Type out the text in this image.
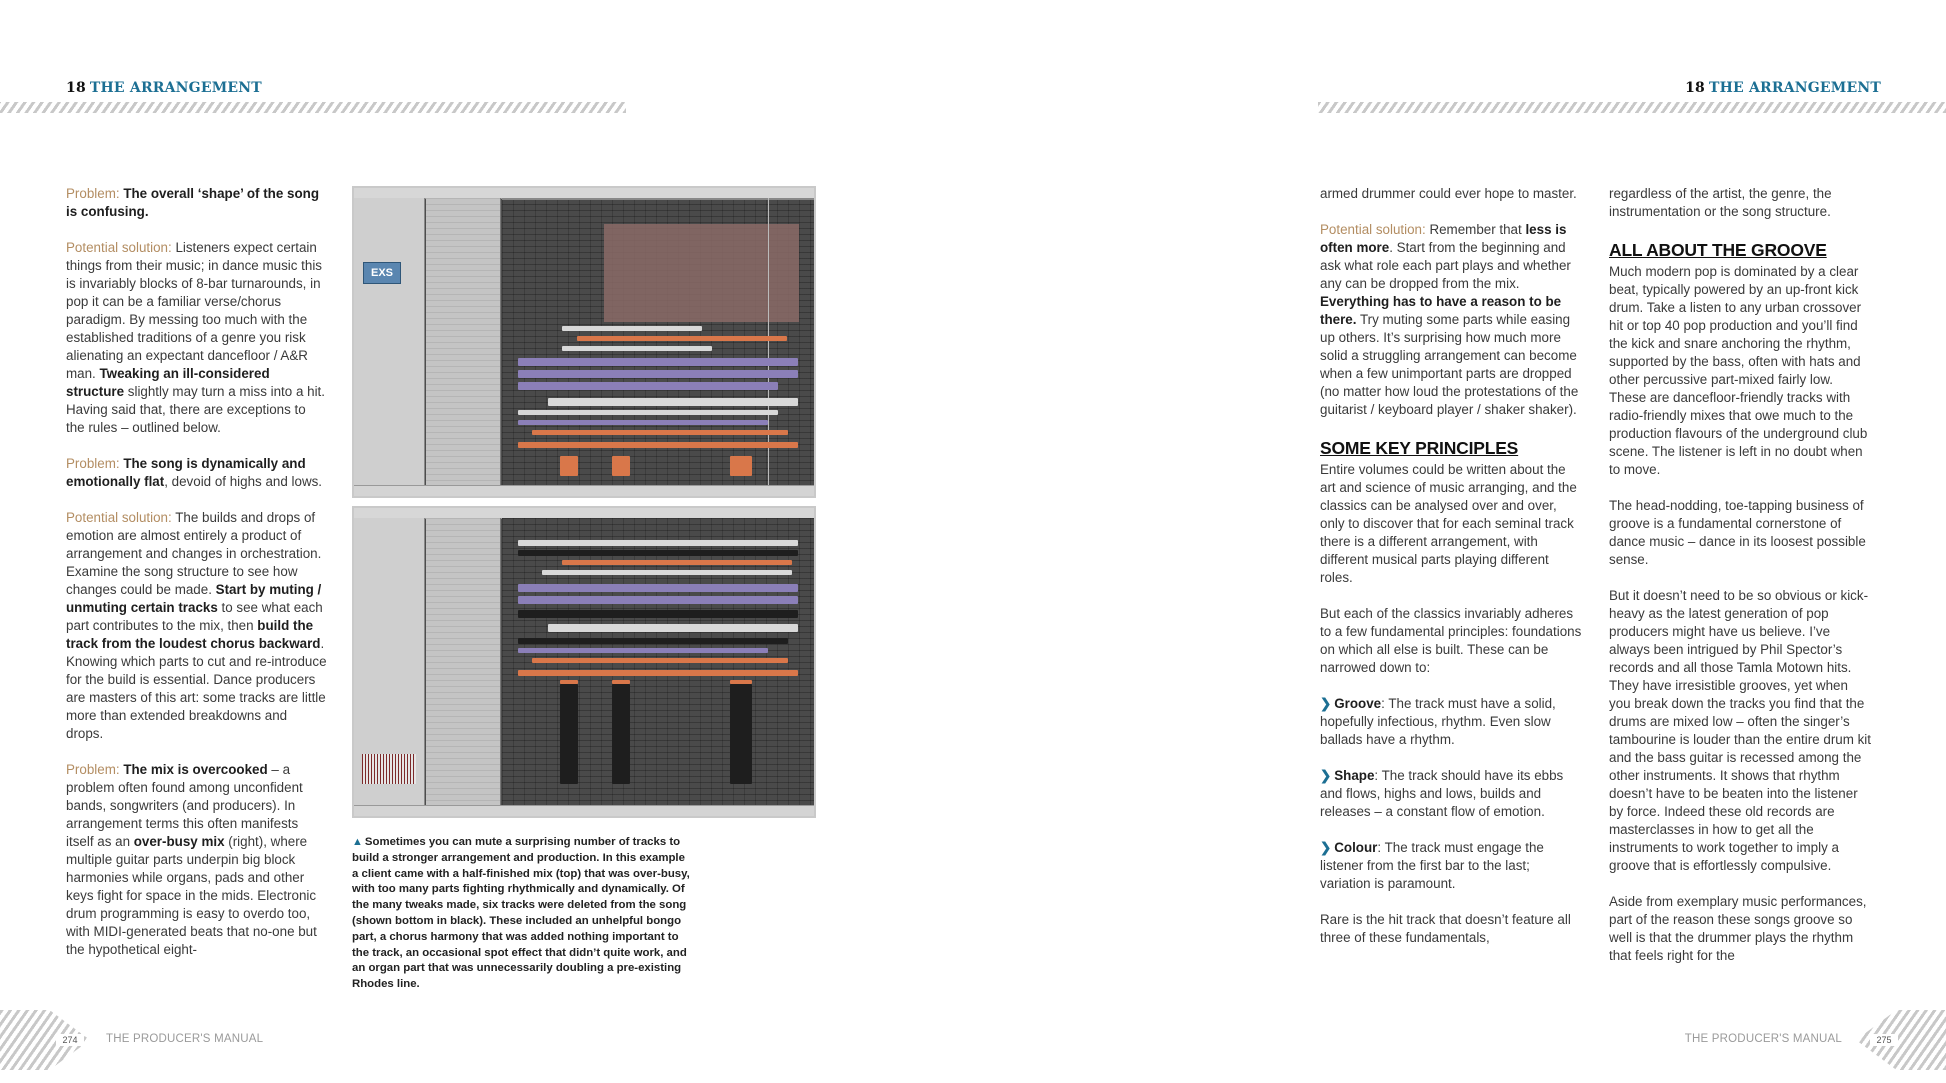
18 THE ARRANGEMENT	18 THE ARRANGEMENT

Problem: The overall ‘shape’ of the song is confusing.

Potential solution: Listeners expect certain things from their music; in dance music this is invariably blocks of 8-bar turnarounds, in pop it can be a familiar verse/chorus paradigm. By messing too much with the established traditions of a genre you risk alienating an expectant dancefloor / A&R man. Tweaking an ill-considered structure slightly may turn a miss into a hit. Having said that, there are exceptions to the rules – outlined below.

Problem: The song is dynamically and emotionally flat, devoid of highs and lows.

Potential solution: The builds and drops of emotion are almost entirely a product of arrangement and changes in orchestration. Examine the song structure to see how changes could be made. Start by muting / unmuting certain tracks to see what each part contributes to the mix, then build the track from the loudest chorus backward. Knowing which parts to cut and re-introduce for the build is essential. Dance producers are masters of this art: some tracks are little more than extended breakdowns and drops.

Problem: The mix is overcooked – a problem often found among unconfident bands, songwriters (and producers). In arrangement terms this often manifests itself as an over-busy mix (right), where multiple guitar parts underpin big block harmonies while organs, pads and other keys fight for space in the mids. Electronic drum programming is easy to overdo too, with MIDI-generated beats that no-one but the hypothetical eight-

EXS
▲ Sometimes you can mute a surprising number of tracks to build a stronger arrangement and production. In this example a client came with a half-finished mix (top) that was over-busy, with too many parts fighting rhythmically and dynamically. Of the many tweaks made, six tracks were deleted from the song (shown bottom in black). These included an unhelpful bongo part, a chorus harmony that was added nothing important to the track, an occasional spot effect that didn’t quite work, and an organ part that was unnecessarily doubling a pre-existing Rhodes line.

armed drummer could ever hope to master.

Potential solution: Remember that less is often more. Start from the beginning and ask what role each part plays and whether any can be dropped from the mix. Everything has to have a reason to be there. Try muting some parts while easing up others. It’s surprising how much more solid a struggling arrangement can become when a few unimportant parts are dropped (no matter how loud the protestations of the guitarist / keyboard player / shaker shaker).

SOME KEY PRINCIPLES

Entire volumes could be written about the art and science of music arranging, and the classics can be analysed over and over, only to discover that for each seminal track there is a different arrangement, with different musical parts playing different roles.

But each of the classics invariably adheres to a few fundamental principles: foundations on which all else is built. These can be narrowed down to:

❯ Groove: The track must have a solid, hopefully infectious, rhythm. Even slow ballads have a rhythm.

❯ Shape: The track should have its ebbs and flows, highs and lows, builds and releases – a constant flow of emotion.

❯ Colour: The track must engage the listener from the first bar to the last; variation is paramount.

Rare is the hit track that doesn’t feature all three of these fundamentals,

regardless of the artist, the genre, the instrumentation or the song structure.

ALL ABOUT THE GROOVE

Much modern pop is dominated by a clear beat, typically powered by an up-front kick drum. Take a listen to any urban crossover hit or top 40 pop production and you’ll find the kick and snare anchoring the rhythm, supported by the bass, often with hats and other percussive part-mixed fairly low. These are dancefloor-friendly tracks with radio-friendly mixes that owe much to the production flavours of the underground club scene. The listener is left in no doubt when to move.

The head-nodding, toe-tapping business of groove is a fundamental cornerstone of dance music – dance in its loosest possible sense.

But it doesn’t need to be so obvious or kick-heavy as the latest generation of pop producers might have us believe. I’ve always been intrigued by Phil Spector’s records and all those Tamla Motown hits. They have irresistible grooves, yet when you break down the tracks you find that the drums are mixed low – often the singer’s tambourine is louder than the entire drum kit and the bass guitar is recessed among the other instruments. It shows that rhythm doesn’t have to be beaten into the listener by force. Indeed these old records are masterclasses in how to get all the instruments to work together to imply a groove that is effortlessly compulsive.

Aside from exemplary music performances, part of the reason these songs groove so well is that the drummer plays the rhythm that feels right for the

274	THE PRODUCER'S MANUAL	275
THE PRODUCER'S MANUAL
